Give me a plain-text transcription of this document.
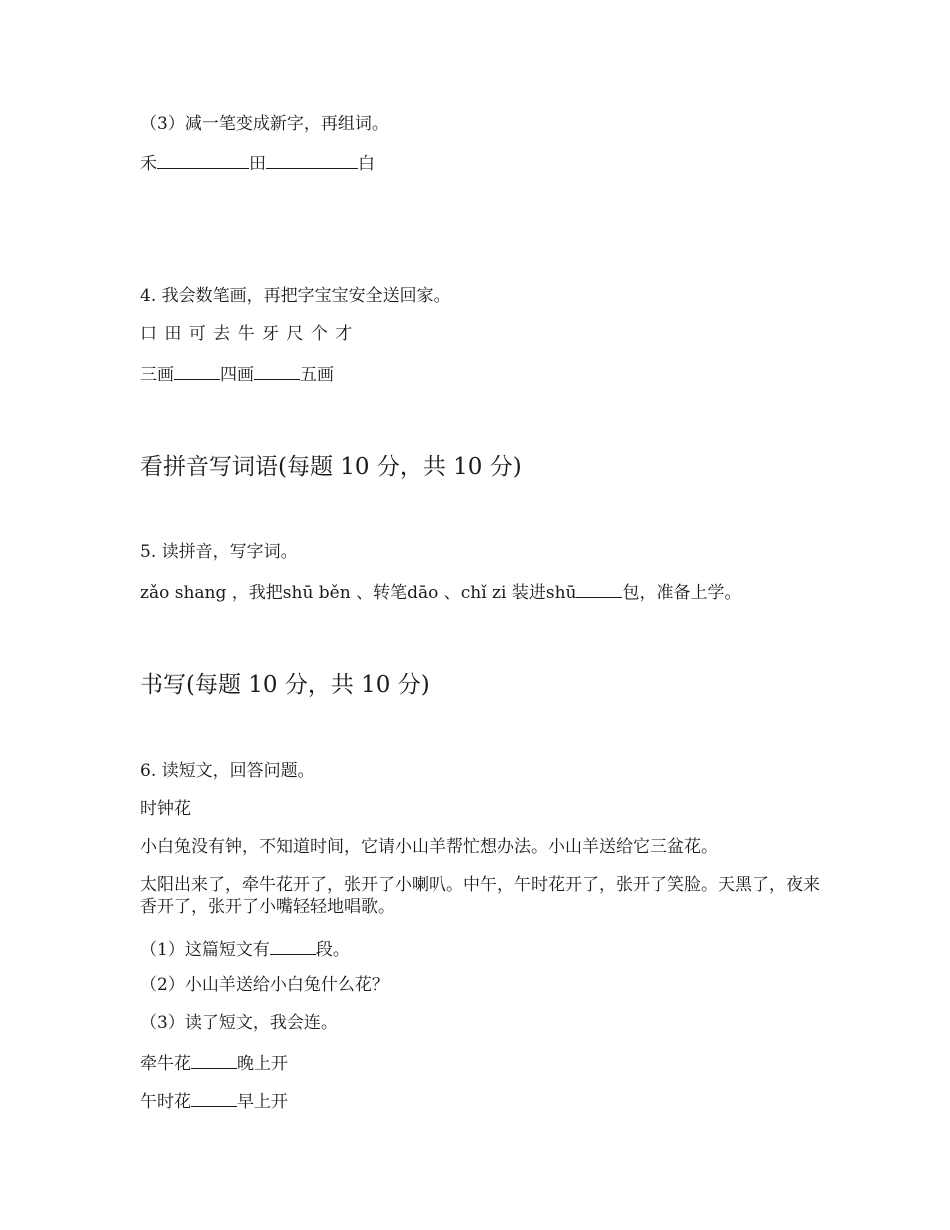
（3）减一笔变成新字，再组词。
禾	田	白
4. 我会数笔画，再把字宝宝安全送回家。
口 田 可 去 牛 牙 尺 个 才
三画	四画	五画
看拼音写词语(每题 10 分，共 10 分)
5. 读拼音，写字词。
zǎo shang ，我把shū běn 、转笔dāo 、chǐ zi 装进shū	包，准备上学。
书写(每题 10 分，共 10 分)
6. 读短文，回答问题。
时钟花
小白兔没有钟，不知道时间，它请小山羊帮忙想办法。小山羊送给它三盆花。
太阳出来了，牵牛花开了，张开了小喇叭。中午，午时花开了，张开了笑脸。天黑了，夜来香开了，张开了小嘴轻轻地唱歌。
（1）这篇短文有	段。
（2）小山羊送给小白兔什么花？
（3）读了短文，我会连。
牵牛花	晚上开
午时花	早上开
